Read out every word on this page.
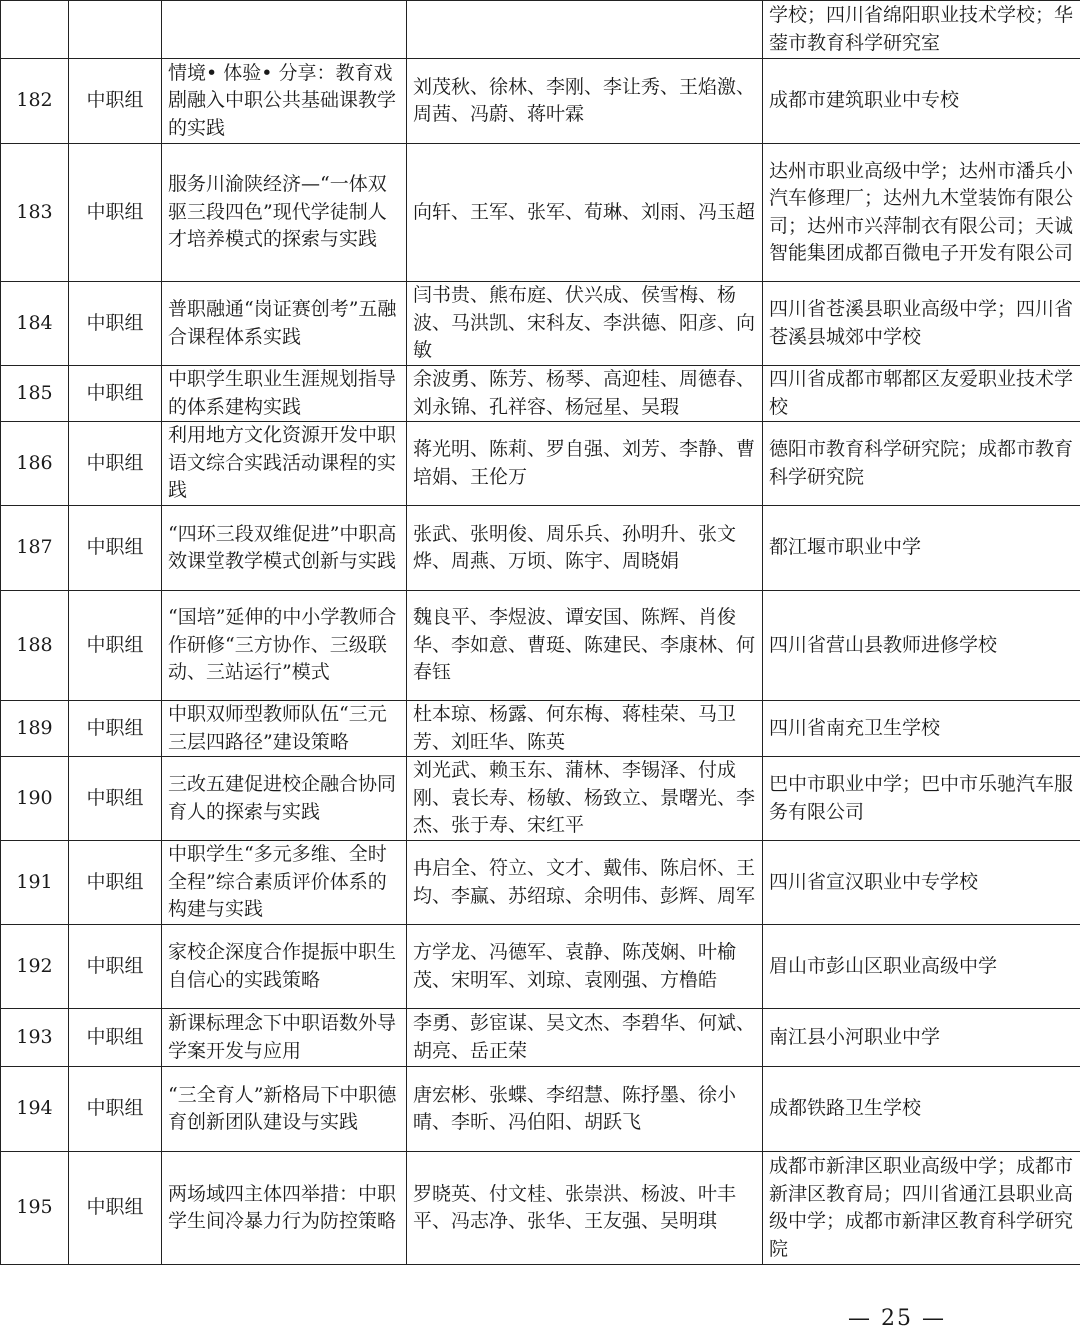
				学校；四川省绵阳职业技术学校；华蓥市教育科学研究室
182	中职组	情境• 体验• 分享：教育戏剧融入中职公共基础课教学的实践	刘茂秋、徐林、李刚、李让秀、王焰激、周茜、冯蔚、蒋叶霖	成都市建筑职业中专校
183	中职组	服务川渝陕经济—“一体双驱三段四色”现代学徒制人才培养模式的探索与实践	向轩、王军、张军、荀琳、刘雨、冯玉超	达州市职业高级中学；达州市潘兵小汽车修理厂；达州九木堂装饰有限公司；达州市兴萍制衣有限公司；天诚智能集团成都百微电子开发有限公司
184	中职组	普职融通“岗证赛创考”五融合课程体系实践	闫书贵、熊布庭、伏兴成、侯雪梅、杨波、马洪凯、宋科友、李洪德、阳彦、向敏	四川省苍溪县职业高级中学；四川省苍溪县城郊中学校
185	中职组	中职学生职业生涯规划指导的体系建构实践	余波勇、陈芳、杨琴、高迎桂、周德春、刘永锦、孔祥容、杨冠星、吴瑕	四川省成都市郫都区友爱职业技术学校
186	中职组	利用地方文化资源开发中职语文综合实践活动课程的实践	蒋光明、陈莉、罗自强、刘芳、李静、曹培娟、王伦万	德阳市教育科学研究院；成都市教育科学研究院
187	中职组	“四环三段双维促进”中职高效课堂教学模式创新与实践	张武、张明俊、周乐兵、孙明升、张文烨、周燕、万顷、陈宇、周晓娟	都江堰市职业中学
188	中职组	“国培”延伸的中小学教师合作研修“三方协作、三级联动、三站运行”模式	魏良平、李煜波、谭安国、陈辉、肖俊华、李如意、曹珽、陈建民、李康林、何春钰	四川省营山县教师进修学校
189	中职组	中职双师型教师队伍“三元三层四路径”建设策略	杜本琼、杨露、何东梅、蒋桂荣、马卫芳、刘旺华、陈英	四川省南充卫生学校
190	中职组	三改五建促进校企融合协同育人的探索与实践	刘光武、赖玉东、蒲林、李锡泽、付成刚、袁长寿、杨敏、杨致立、景曙光、李杰、张于寿、宋红平	巴中市职业中学；巴中市乐驰汽车服务有限公司
191	中职组	中职学生“多元多维、全时全程”综合素质评价体系的构建与实践	冉启全、符立、文才、戴伟、陈启怀、王均、李赢、苏绍琼、余明伟、彭辉、周军	四川省宣汉职业中专学校
192	中职组	家校企深度合作提振中职生自信心的实践策略	方学龙、冯德军、袁静、陈茂娴、叶榆茂、宋明军、刘琼、袁刚强、方橹皓	眉山市彭山区职业高级中学
193	中职组	新课标理念下中职语数外导学案开发与应用	李勇、彭宦谋、吴文杰、李碧华、何斌、胡亮、岳正荣	南江县小河职业中学
194	中职组	“三全育人”新格局下中职德育创新团队建设与实践	唐宏彬、张蝶、李绍慧、陈抒墨、徐小晴、李昕、冯伯阳、胡跃飞	成都铁路卫生学校
195	中职组	两场域四主体四举措：中职学生间冷暴力行为防控策略	罗晓英、付文桂、张崇洪、杨波、叶丰平、冯志净、张华、王友强、吴明琪	成都市新津区职业高级中学；成都市新津区教育局；四川省通江县职业高级中学；成都市新津区教育科学研究院
— 25 —
